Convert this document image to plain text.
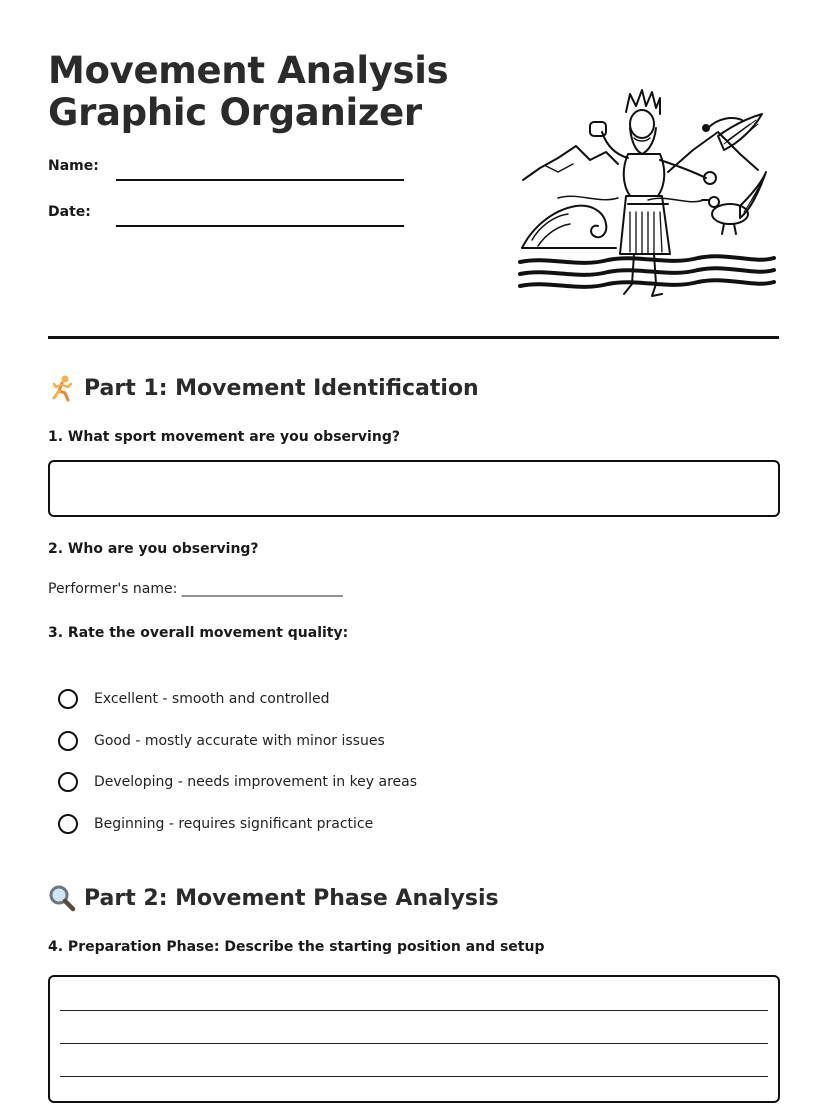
Movement Analysis
Graphic Organizer
Name:
Date:
Part 1: Movement Identification
1. What sport movement are you observing?
2. Who are you observing?
Performer's name: _______________________
3. Rate the overall movement quality:
Excellent - smooth and controlled
Good - mostly accurate with minor issues
Developing - needs improvement in key areas
Beginning - requires significant practice
Part 2: Movement Phase Analysis
4. Preparation Phase: Describe the starting position and setup
